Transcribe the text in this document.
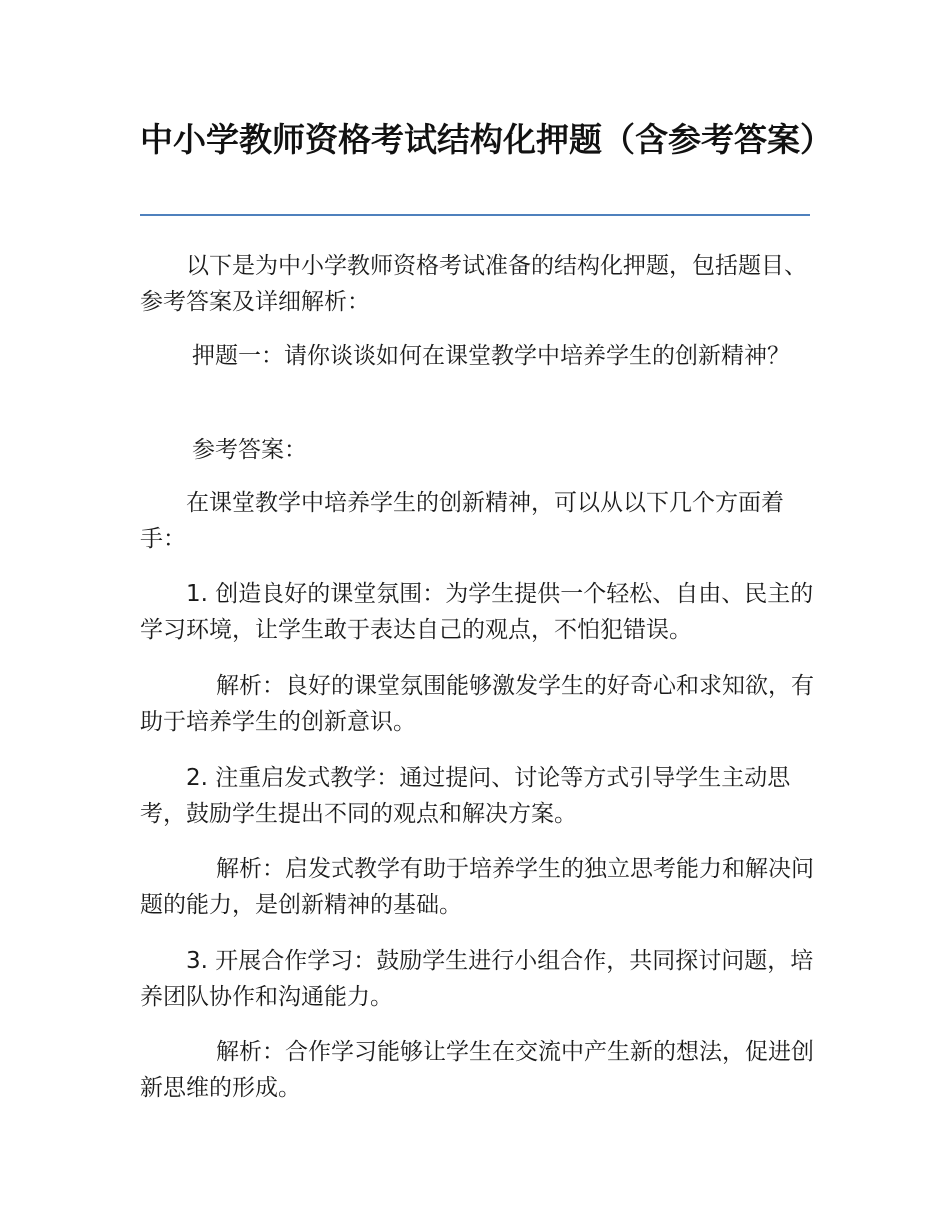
中小学教师资格考试结构化押题（含参考答案）

以下是为中小学教师资格考试准备的结构化押题，包括题目、参考答案及详细解析：

押题一：请你谈谈如何在课堂教学中培养学生的创新精神？

参考答案：

在课堂教学中培养学生的创新精神，可以从以下几个方面着手：

1. 创造良好的课堂氛围：为学生提供一个轻松、自由、民主的学习环境，让学生敢于表达自己的观点，不怕犯错误。

解析：良好的课堂氛围能够激发学生的好奇心和求知欲，有助于培养学生的创新意识。

2. 注重启发式教学：通过提问、讨论等方式引导学生主动思考，鼓励学生提出不同的观点和解决方案。

解析：启发式教学有助于培养学生的独立思考能力和解决问题的能力，是创新精神的基础。

3. 开展合作学习：鼓励学生进行小组合作，共同探讨问题，培养团队协作和沟通能力。

解析：合作学习能够让学生在交流中产生新的想法，促进创新思维的形成。
